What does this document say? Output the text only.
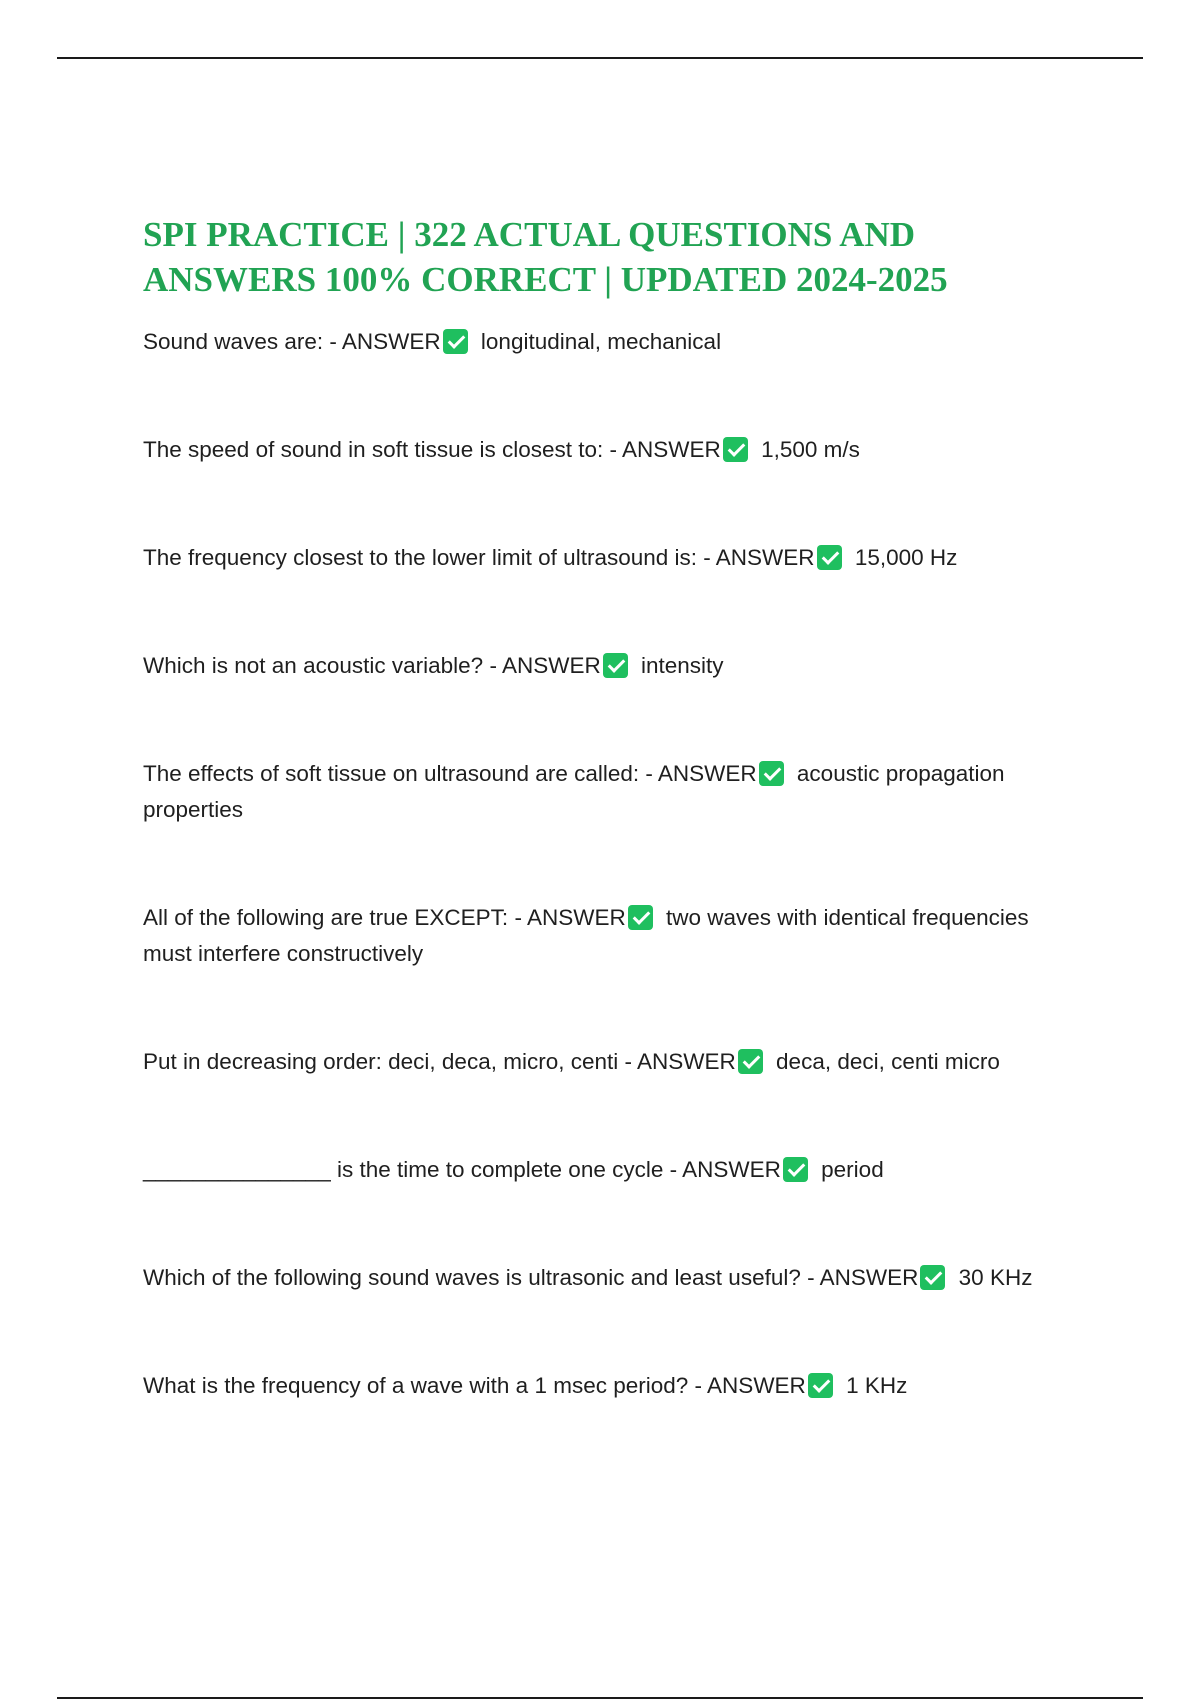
SPI PRACTICE | 322 ACTUAL QUESTIONS AND ANSWERS 100% CORRECT | UPDATED 2024-2025
Sound waves are: - ANSWER longitudinal, mechanical
The speed of sound in soft tissue is closest to: - ANSWER 1,500 m/s
The frequency closest to the lower limit of ultrasound is: - ANSWER 15,000 Hz
Which is not an acoustic variable? - ANSWER intensity
The effects of soft tissue on ultrasound are called: - ANSWER acoustic propagation properties
All of the following are true EXCEPT: - ANSWER two waves with identical frequencies must interfere constructively
Put in decreasing order: deci, deca, micro, centi - ANSWER deca, deci, centi micro
_______________ is the time to complete one cycle - ANSWER period
Which of the following sound waves is ultrasonic and least useful? - ANSWER 30 KHz
What is the frequency of a wave with a 1 msec period? - ANSWER 1 KHz
